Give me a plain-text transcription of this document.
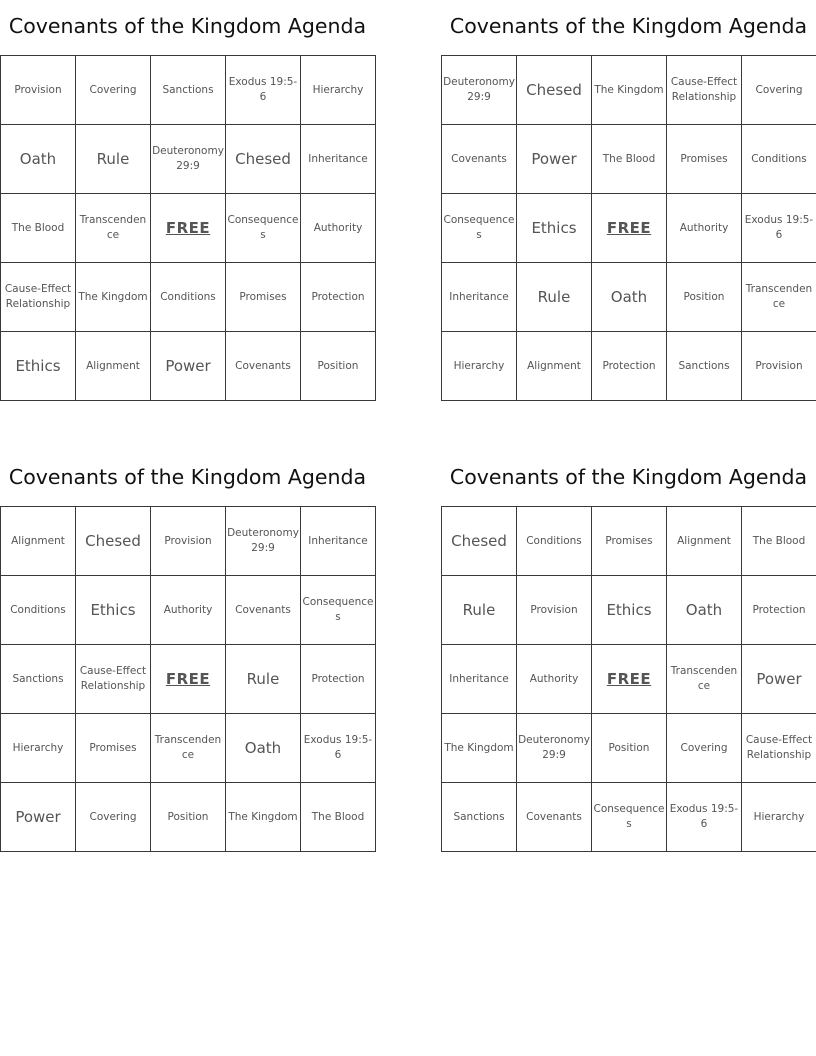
Covenants of the Kingdom Agenda
Provision	Covering	Sanctions	Exodus 19:5-6	Hierarchy
Oath	Rule	Deuteronomy 29:9	Chesed	Inheritance
The Blood	Transcendence	FREE	Consequences	Authority
Cause-Effect Relationship	The Kingdom	Conditions	Promises	Protection
Ethics	Alignment	Power	Covenants	Position
Covenants of the Kingdom Agenda
Deuteronomy 29:9	Chesed	The Kingdom	Cause-Effect Relationship	Covering
Covenants	Power	The Blood	Promises	Conditions
Consequences	Ethics	FREE	Authority	Exodus 19:5-6
Inheritance	Rule	Oath	Position	Transcendence
Hierarchy	Alignment	Protection	Sanctions	Provision
Covenants of the Kingdom Agenda
Alignment	Chesed	Provision	Deuteronomy 29:9	Inheritance
Conditions	Ethics	Authority	Covenants	Consequences
Sanctions	Cause-Effect Relationship	FREE	Rule	Protection
Hierarchy	Promises	Transcendence	Oath	Exodus 19:5-6
Power	Covering	Position	The Kingdom	The Blood
Covenants of the Kingdom Agenda
Chesed	Conditions	Promises	Alignment	The Blood
Rule	Provision	Ethics	Oath	Protection
Inheritance	Authority	FREE	Transcendence	Power
The Kingdom	Deuteronomy 29:9	Position	Covering	Cause-Effect Relationship
Sanctions	Covenants	Consequences	Exodus 19:5-6	Hierarchy
